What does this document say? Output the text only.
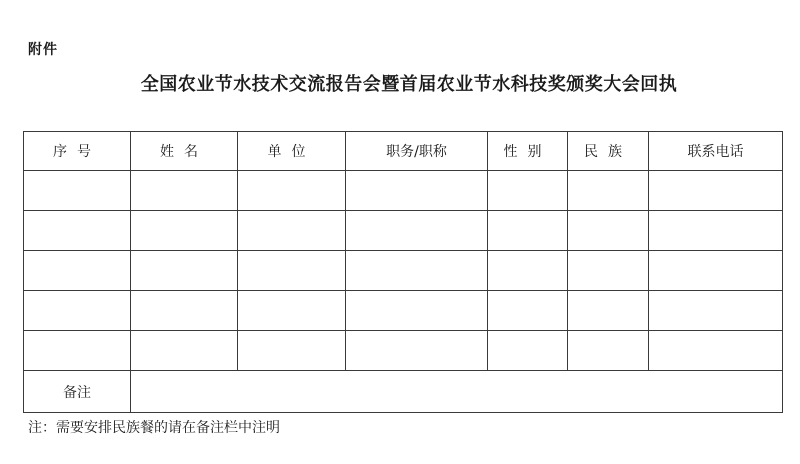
附件
全国农业节水技术交流报告会暨首届农业节水科技奖颁奖大会回执
序号	姓名	单位	职务/职称	性别	民族	联系电话

备注						
注：需要安排民族餐的请在备注栏中注明
